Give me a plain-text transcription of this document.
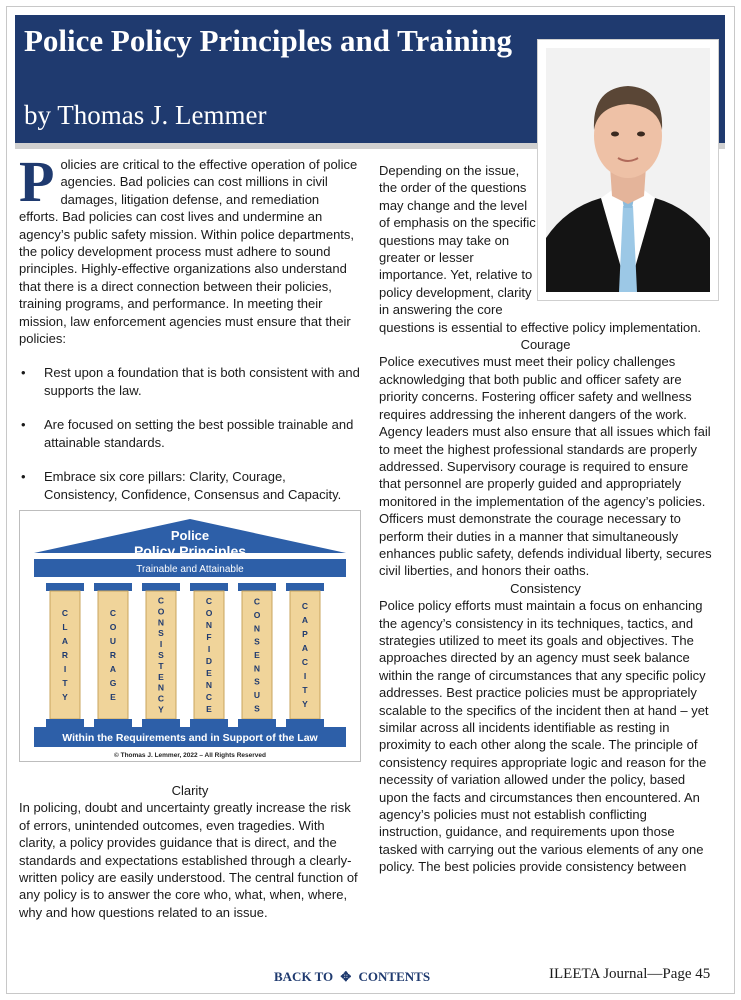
Police Policy Principles and Training
by Thomas J. Lemmer

P olicies are critical to the effective operation of police agencies. Bad policies can cost millions in civil damages, litigation defense, and remediation efforts. Bad policies can cost lives and undermine an agency’s public safety mission. Within police departments, the policy development process must adhere to sound principles. Highly-effective organizations also understand that there is a direct connection between their policies, training programs, and performance. In meeting their mission, law enforcement agencies must ensure that their policies:

• Rest upon a foundation that is both consistent with and supports the law.
• Are focused on setting the best possible trainable and attainable standards.
• Embrace six core pillars: Clarity, Courage, Consistency, Confidence, Consensus and Capacity.
Police
Policy Principles
Trainable and Attainable
C L A R I T Y
C O U R A G E
C O N S I S T E N C Y
C O N F I D E N C E
C O N S E N S U S
C A P A C I T Y
Within the Requirements and in Support of the Law
© Thomas J. Lemmer, 2022 – All Rights Reserved

Clarity

In policing, doubt and uncertainty greatly increase the risk of errors, unintended outcomes, even tragedies. With clarity, a policy provides guidance that is direct, and the standards and expectations established through a clearly-written policy are easily understood. The central function of any policy is to answer the core who, what, when, where, why and how questions related to an issue.

Depending on the issue, the order of the questions may change and the level of emphasis on the specific questions may take on greater or lesser importance. Yet, relative to policy development, clarity in answering the core

questions is essential to effective policy implementation.

Courage

Police executives must meet their policy challenges acknowledging that both public and officer safety are priority concerns. Fostering officer safety and wellness requires addressing the inherent dangers of the work. Agency leaders must also ensure that all issues which fail to meet the highest professional standards are properly addressed. Supervisory courage is required to ensure that personnel are properly guided and appropriately monitored in the implementation of the agency’s policies. Officers must demonstrate the courage necessary to perform their duties in a manner that simultaneously enhances public safety, defends individual liberty, secures civil liberties, and honors their oaths.

Consistency

Police policy efforts must maintain a focus on enhancing the agency’s consistency in its techniques, tactics, and strategies utilized to meet its goals and objectives. The approaches directed by an agency must seek balance within the range of circumstances that any specific policy addresses. Best practice policies must be appropriately scalable to the specifics of the incident then at hand – yet similar across all incidents identifiable as resting in proximity to each other along the scale. The principle of consistency requires appropriate logic and reason for the necessity of variation allowed under the policy, based upon the facts and circumstances then encountered. An agency’s policies must not establish conflicting instruction, guidance, and requirements upon those tasked with carrying out the various elements of any one policy. The best policies provide consistency between

BACK TO ✥ CONTENTS	ILEETA Journal—Page 45
